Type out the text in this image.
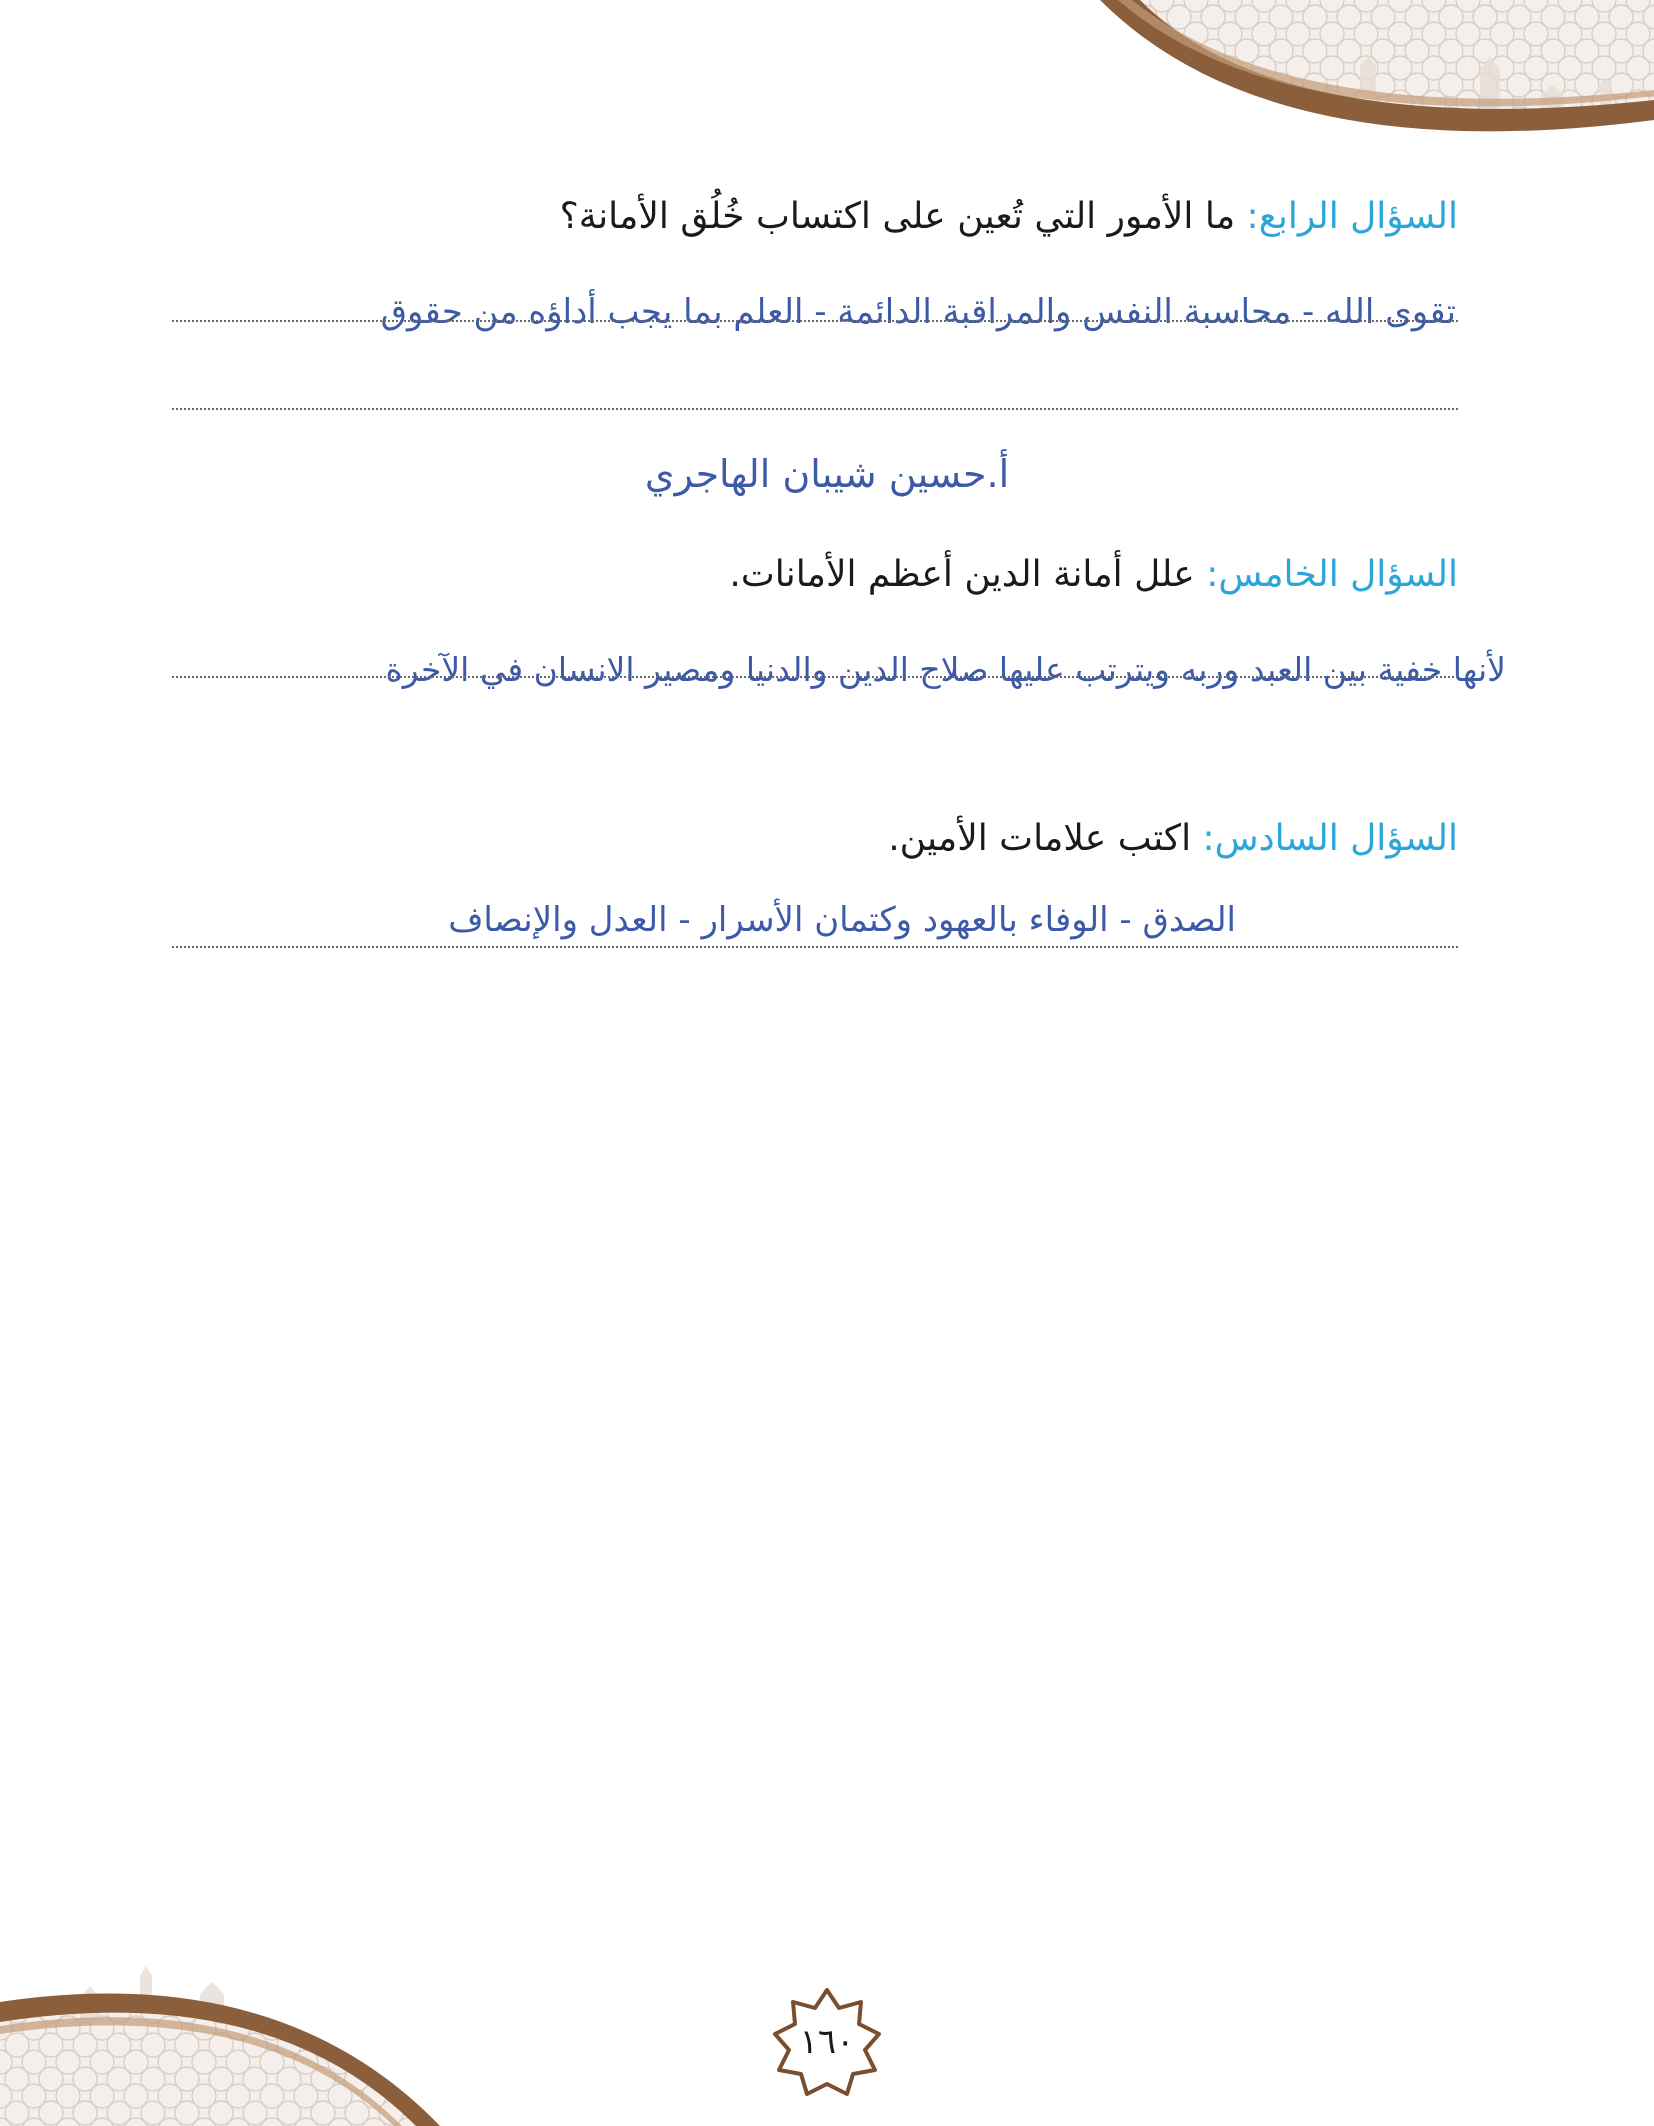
السؤال الرابع: ما الأمور التي تُعين على اكتساب خُلُق الأمانة؟
تقوى الله - محاسبة النفس والمراقبة الدائمة - العلم بما يجب أداؤه من حقوق
أ.حسين شيبان الهاجري
السؤال الخامس: علل أمانة الدين أعظم الأمانات.
لأنها خفية بين العبد وربه ويترتب عليها صلاح الدين والدنيا ومصير الانسان في الآخرة
السؤال السادس: اكتب علامات الأمين.
الصدق - الوفاء بالعهود وكتمان الأسرار - العدل والإنصاف
١٦٠
